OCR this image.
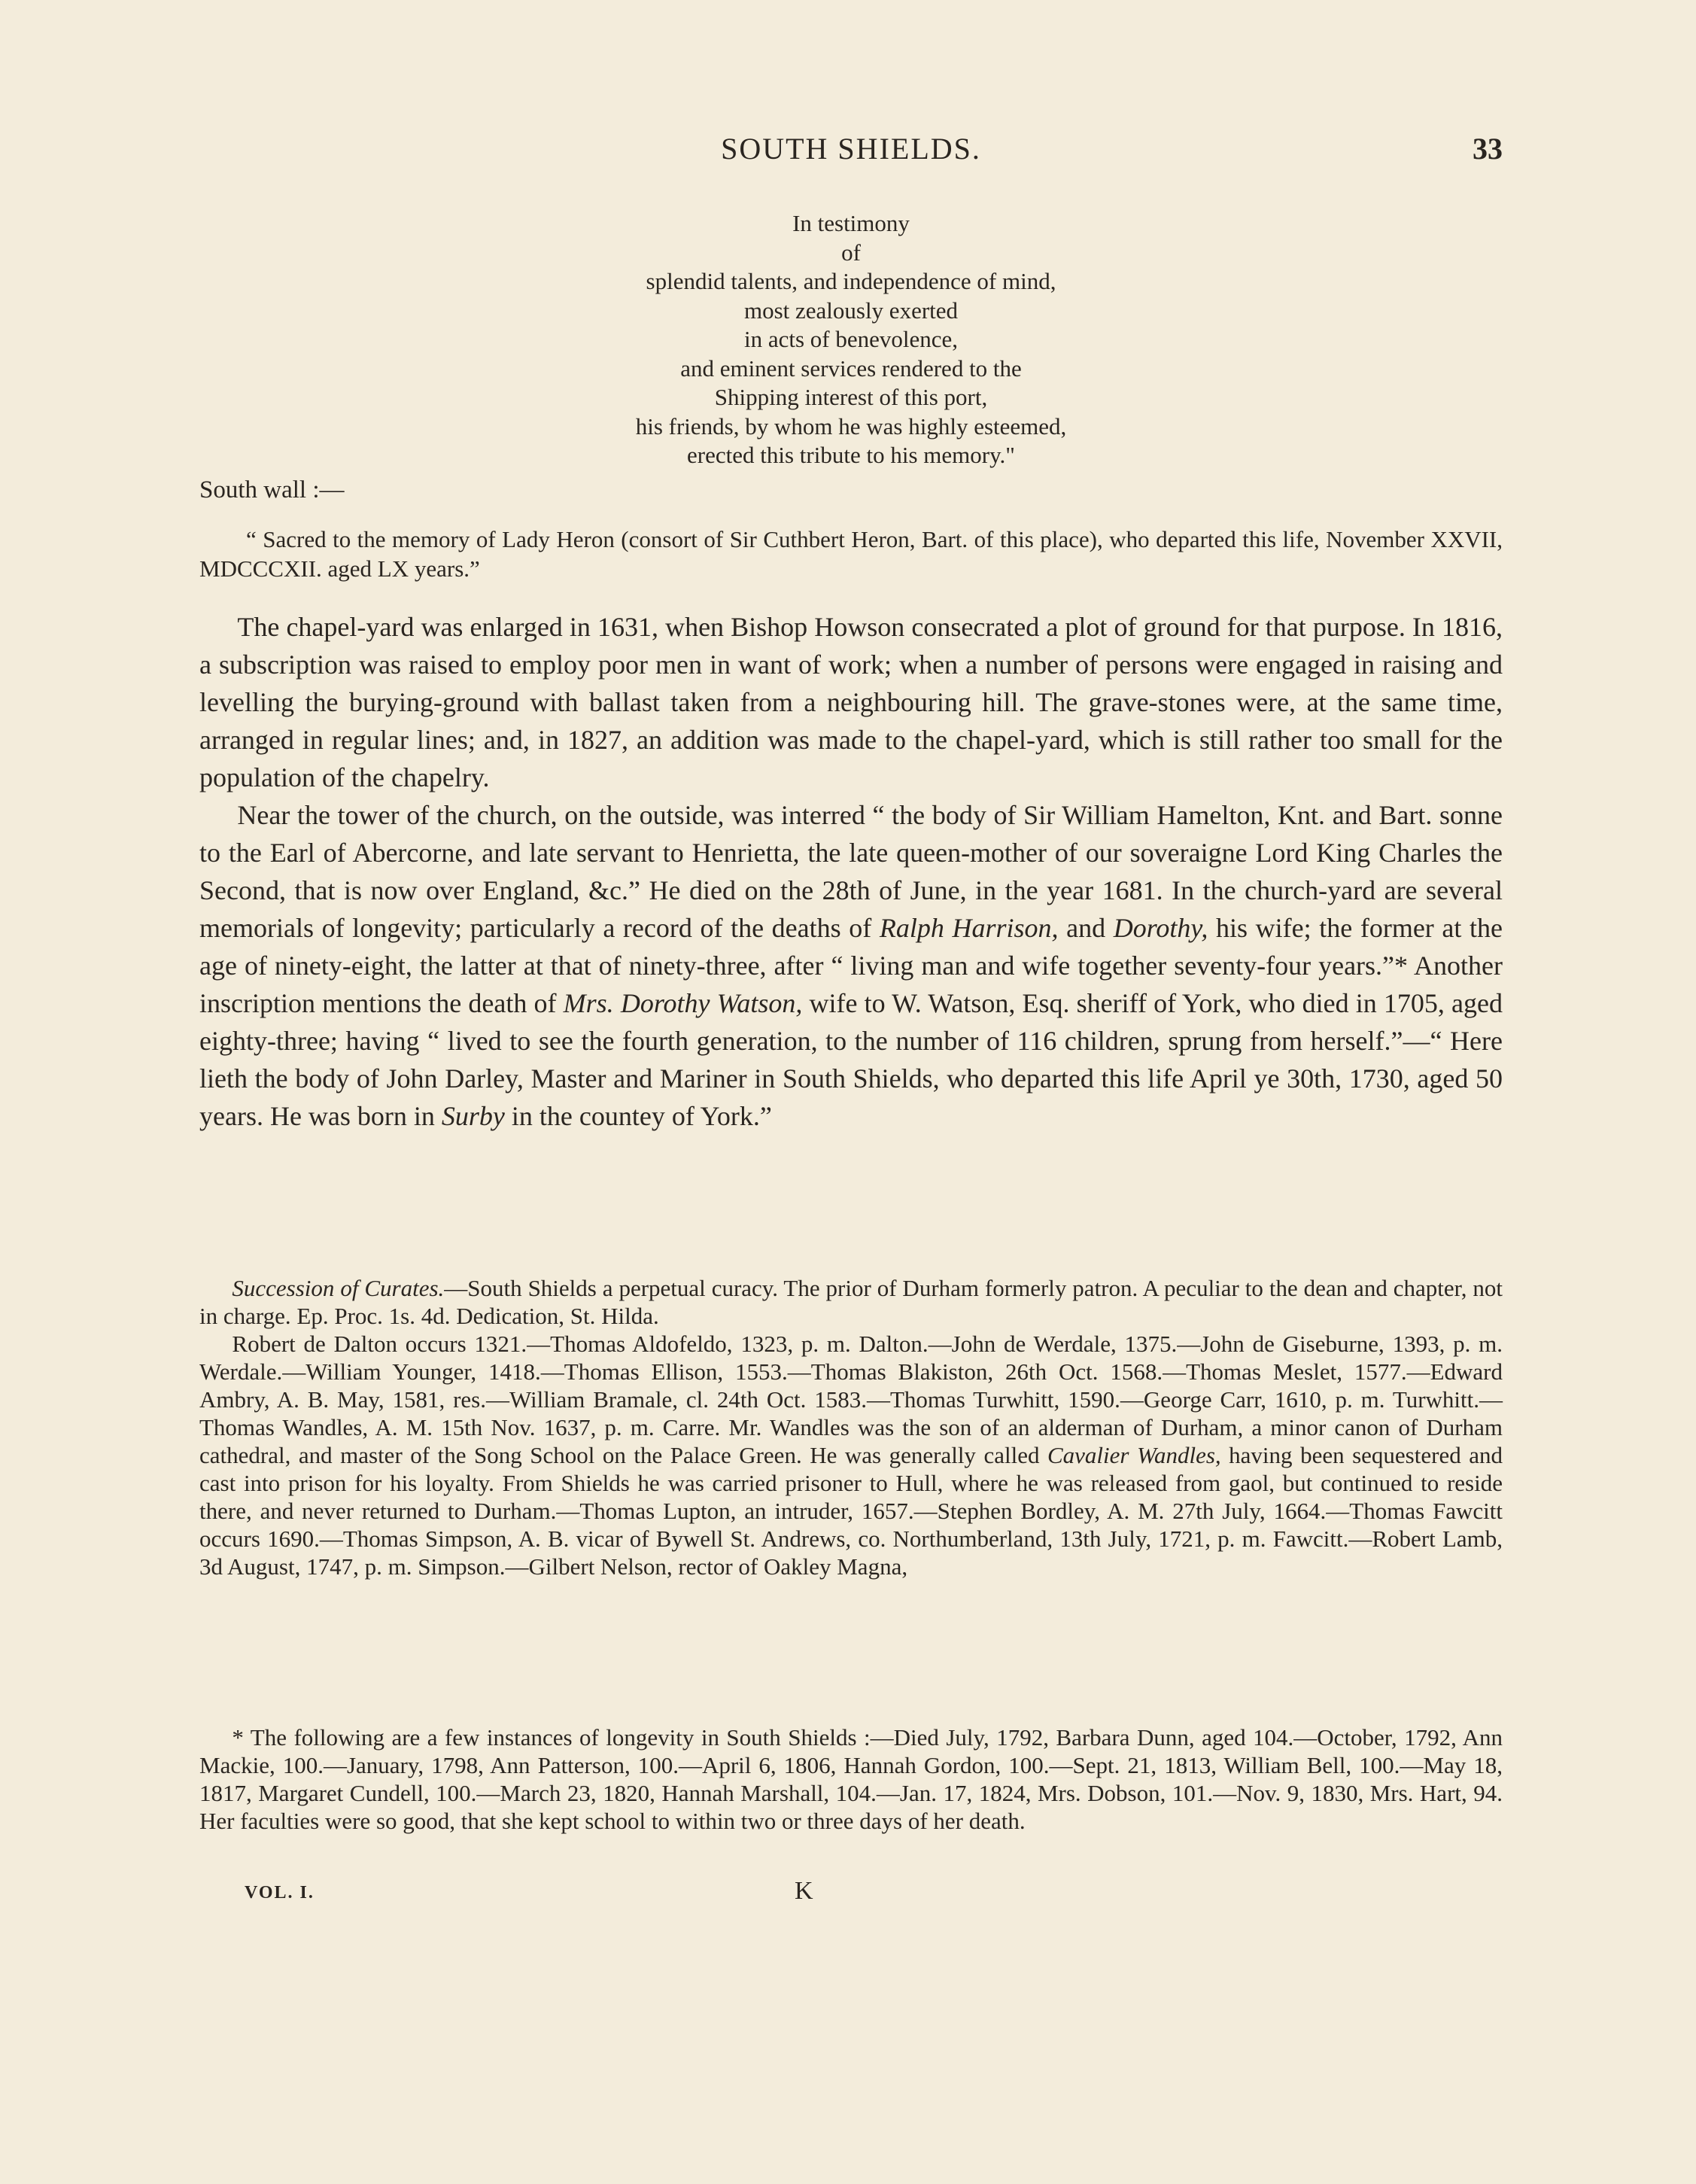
SOUTH SHIELDS.	33
In testimony
of
splendid talents, and independence of mind,
most zealously exerted
in acts of benevolence,
and eminent services rendered to the
Shipping interest of this port,
his friends, by whom he was highly esteemed,
erected this tribute to his memory."
South wall :—
“ Sacred to the memory of Lady Heron (consort of Sir Cuthbert Heron, Bart. of this place), who departed this life, November XXVII, MDCCCXII. aged LX years.”

The chapel-yard was enlarged in 1631, when Bishop Howson consecrated a plot of ground for that purpose. In 1816, a subscription was raised to employ poor men in want of work; when a number of persons were engaged in raising and levelling the burying-ground with ballast taken from a neighbouring hill. The grave-stones were, at the same time, arranged in regular lines; and, in 1827, an addition was made to the chapel-yard, which is still rather too small for the population of the chapelry.

Near the tower of the church, on the outside, was interred “ the body of Sir William Hamelton, Knt. and Bart. sonne to the Earl of Abercorne, and late servant to Henrietta, the late queen-mother of our soveraigne Lord King Charles the Second, that is now over England, &c.” He died on the 28th of June, in the year 1681. In the church-yard are several memorials of longevity; particularly a record of the deaths of Ralph Harrison, and Dorothy, his wife; the former at the age of ninety-eight, the latter at that of ninety-three, after “ living man and wife together seventy-four years.”* Another inscription mentions the death of Mrs. Dorothy Watson, wife to W. Watson, Esq. sheriff of York, who died in 1705, aged eighty-three; having “ lived to see the fourth generation, to the number of 116 children, sprung from herself.”—“ Here lieth the body of John Darley, Master and Mariner in South Shields, who departed this life April ye 30th, 1730, aged 50 years. He was born in Surby in the countey of York.”

Succession of Curates.—South Shields a perpetual curacy. The prior of Durham formerly patron. A peculiar to the dean and chapter, not in charge. Ep. Proc. 1s. 4d. Dedication, St. Hilda.

Robert de Dalton occurs 1321.—Thomas Aldofeldo, 1323, p. m. Dalton.—John de Werdale, 1375.—John de Giseburne, 1393, p. m. Werdale.—William Younger, 1418.—Thomas Ellison, 1553.—Thomas Blakiston, 26th Oct. 1568.—Thomas Meslet, 1577.—Edward Ambry, A. B. May, 1581, res.—William Bramale, cl. 24th Oct. 1583.—Thomas Turwhitt, 1590.—George Carr, 1610, p. m. Turwhitt.—Thomas Wandles, A. M. 15th Nov. 1637, p. m. Carre. Mr. Wandles was the son of an alderman of Durham, a minor canon of Durham cathedral, and master of the Song School on the Palace Green. He was generally called Cavalier Wandles, having been sequestered and cast into prison for his loyalty. From Shields he was carried prisoner to Hull, where he was released from gaol, but continued to reside there, and never returned to Durham.—Thomas Lupton, an intruder, 1657.—Stephen Bordley, A. M. 27th July, 1664.—Thomas Fawcitt occurs 1690.—Thomas Simpson, A. B. vicar of Bywell St. Andrews, co. Northumberland, 13th July, 1721, p. m. Fawcitt.—Robert Lamb, 3d August, 1747, p. m. Simpson.—Gilbert Nelson, rector of Oakley Magna,

* The following are a few instances of longevity in South Shields :—Died July, 1792, Barbara Dunn, aged 104.—October, 1792, Ann Mackie, 100.—January, 1798, Ann Patterson, 100.—April 6, 1806, Hannah Gordon, 100.—Sept. 21, 1813, William Bell, 100.—May 18, 1817, Margaret Cundell, 100.—March 23, 1820, Hannah Marshall, 104.—Jan. 17, 1824, Mrs. Dobson, 101.—Nov. 9, 1830, Mrs. Hart, 94. Her faculties were so good, that she kept school to within two or three days of her death.

VOL. I.	K
